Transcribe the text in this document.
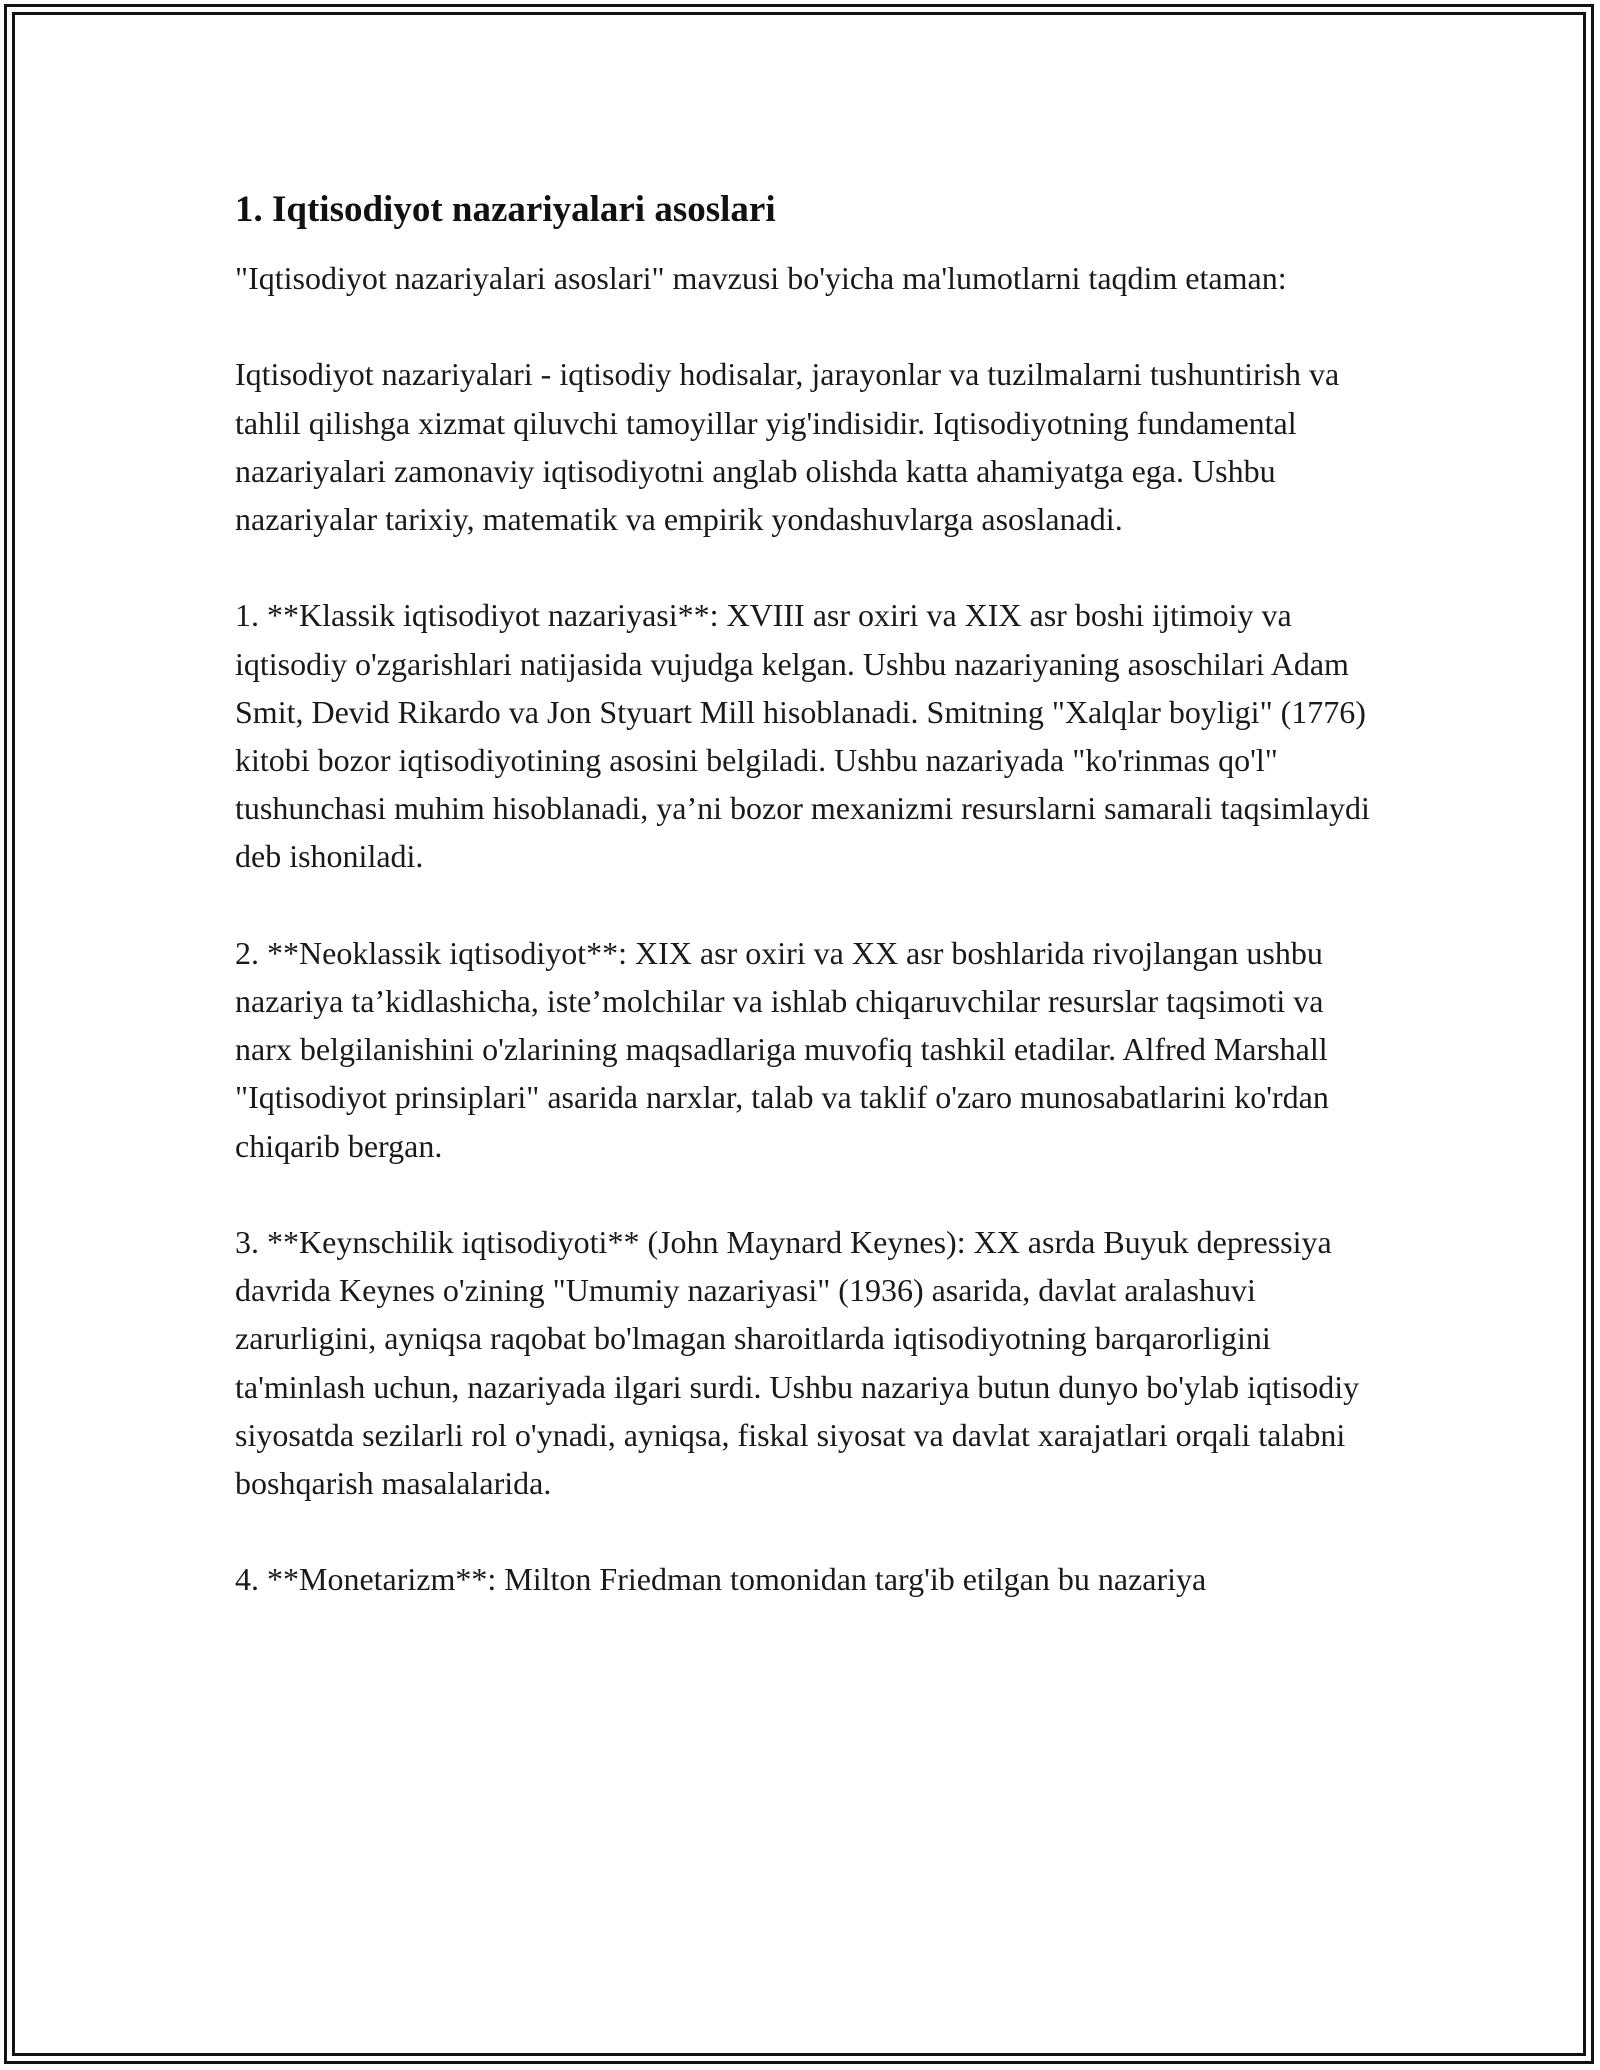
1. Iqtisodiyot nazariyalari asoslari

"Iqtisodiyot nazariyalari asoslari" mavzusi bo'yicha ma'lumotlarni taqdim etaman:

Iqtisodiyot nazariyalari - iqtisodiy hodisalar, jarayonlar va tuzilmalarni tushuntirish va tahlil qilishga xizmat qiluvchi tamoyillar yig'indisidir. Iqtisodiyotning fundamental nazariyalari zamonaviy iqtisodiyotni anglab olishda katta ahamiyatga ega. Ushbu nazariyalar tarixiy, matematik va empirik yondashuvlarga asoslanadi.

1. **Klassik iqtisodiyot nazariyasi**: XVIII asr oxiri va XIX asr boshi ijtimoiy va iqtisodiy o'zgarishlari natijasida vujudga kelgan. Ushbu nazariyaning asoschilari Adam Smit, Devid Rikardo va Jon Styuart Mill hisoblanadi. Smitning "Xalqlar boyligi" (1776) kitobi bozor iqtisodiyotining asosini belgiladi. Ushbu nazariyada "ko'rinmas qo'l" tushunchasi muhim hisoblanadi, ya’ni bozor mexanizmi resurslarni samarali taqsimlaydi deb ishoniladi.

2. **Neoklassik iqtisodiyot**: XIX asr oxiri va XX asr boshlarida rivojlangan ushbu nazariya ta’kidlashicha, iste’molchilar va ishlab chiqaruvchilar resurslar taqsimoti va narx belgilanishini o'zlarining maqsadlariga muvofiq tashkil etadilar. Alfred Marshall "Iqtisodiyot prinsiplari" asarida narxlar, talab va taklif o'zaro munosabatlarini ko'rdan chiqarib bergan.

3. **Keynschilik iqtisodiyoti** (John Maynard Keynes): XX asrda Buyuk depressiya davrida Keynes o'zining "Umumiy nazariyasi" (1936) asarida, davlat aralashuvi zarurligini, ayniqsa raqobat bo'lmagan sharoitlarda iqtisodiyotning barqarorligini ta'minlash uchun, nazariyada ilgari surdi. Ushbu nazariya butun dunyo bo'ylab iqtisodiy siyosatda sezilarli rol o'ynadi, ayniqsa, fiskal siyosat va davlat xarajatlari orqali talabni boshqarish masalalarida.

4. **Monetarizm**: Milton Friedman tomonidan targ'ib etilgan bu nazariya
